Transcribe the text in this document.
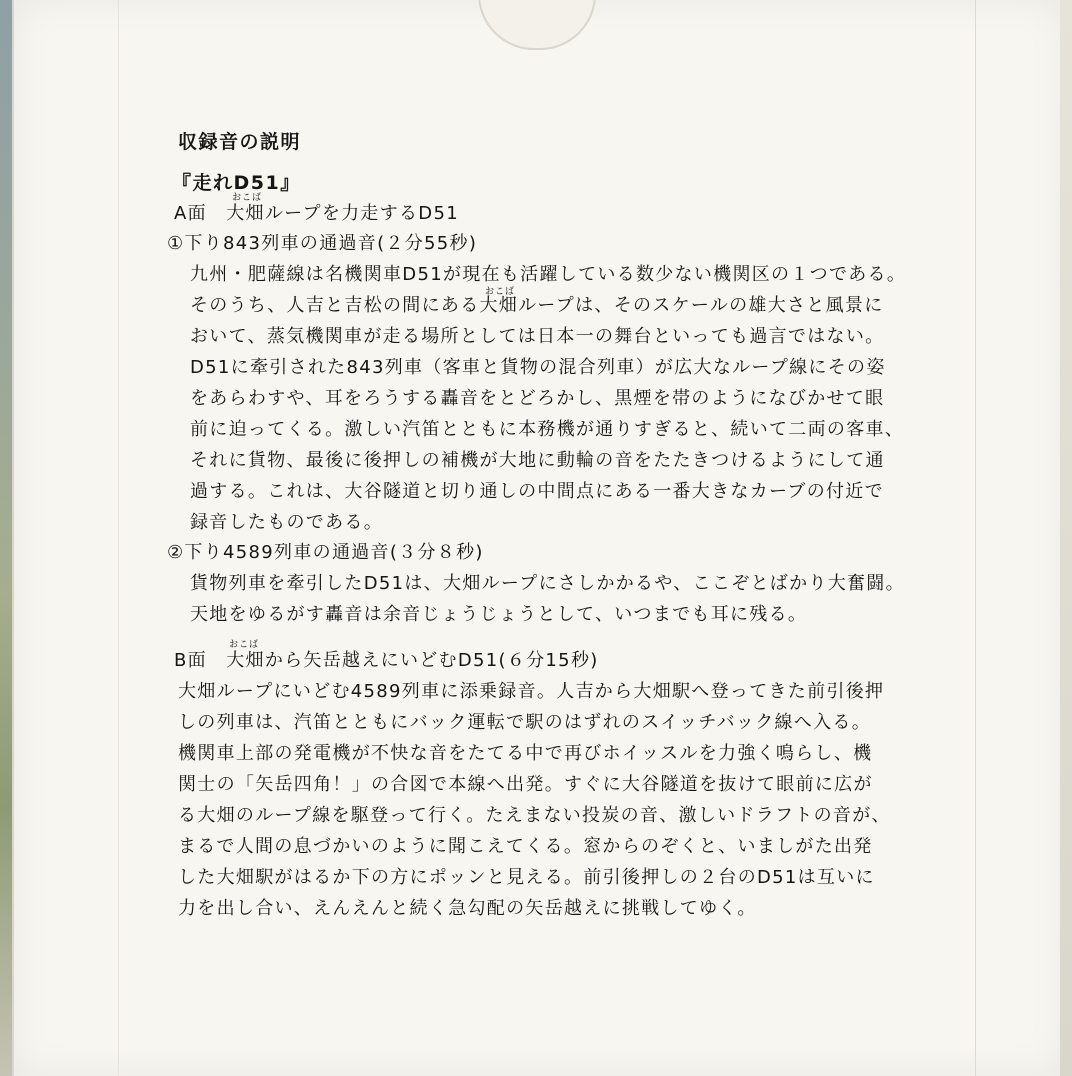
収録音の説明
『走れD51』
おこば
A面　大畑ループを力走するD51
①下り843列車の通過音(２分55秒)
九州・肥薩線は名機関車D51が現在も活躍している数少ない機関区の１つである。
おこば
そのうち、人吉と吉松の間にある大畑ループは、そのスケールの雄大さと風景に
おいて、蒸気機関車が走る場所としては日本一の舞台といっても過言ではない。
D51に牽引された843列車（客車と貨物の混合列車）が広大なループ線にその姿
をあらわすや、耳をろうする轟音をとどろかし、黒煙を帯のようになびかせて眼
前に迫ってくる。激しい汽笛とともに本務機が通りすぎると、続いて二両の客車、
それに貨物、最後に後押しの補機が大地に動輪の音をたたきつけるようにして通
過する。これは、大谷隧道と切り通しの中間点にある一番大きなカーブの付近で
録音したものである。
②下り4589列車の通過音(３分８秒)
貨物列車を牽引したD51は、大畑ループにさしかかるや、ここぞとばかり大奮闘。
天地をゆるがす轟音は余音じょうじょうとして、いつまでも耳に残る。
おこば
B面　大畑から矢岳越えにいどむD51(６分15秒)
大畑ループにいどむ4589列車に添乗録音。人吉から大畑駅へ登ってきた前引後押
しの列車は、汽笛とともにバック運転で駅のはずれのスイッチバック線へ入る。
機関車上部の発電機が不快な音をたてる中で再びホイッスルを力強く鳴らし、機
関士の「矢岳四角！」の合図で本線へ出発。すぐに大谷隧道を抜けて眼前に広が
る大畑のループ線を駆登って行く。たえまない投炭の音、激しいドラフトの音が、
まるで人間の息づかいのように聞こえてくる。窓からのぞくと、いましがた出発
した大畑駅がはるか下の方にポッンと見える。前引後押しの２台のD51は互いに
力を出し合い、えんえんと続く急勾配の矢岳越えに挑戦してゆく。
